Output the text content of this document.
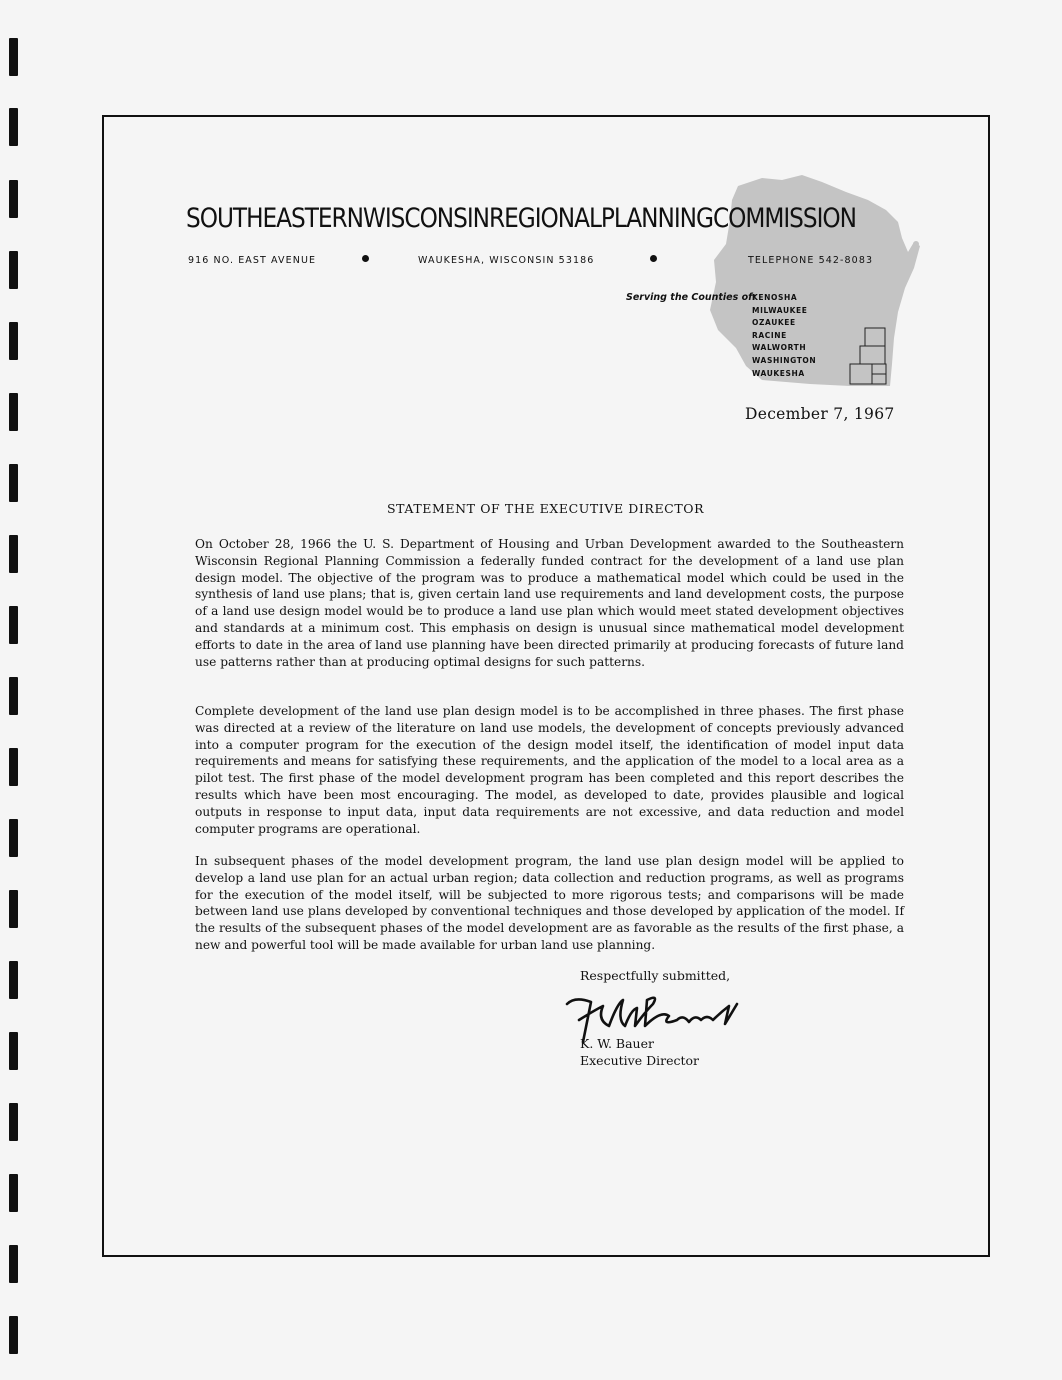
SOUTHEASTERN WISCONSIN REGIONAL PLANNING COMMISSION
916 NO. EAST AVENUE	WAUKESHA, WISCONSIN 53186	TELEPHONE 542-8083
Serving the Counties of:
KENOSHA
MILWAUKEE
OZAUKEE
RACINE
WALWORTH
WASHINGTON
WAUKESHA
December 7, 1967
STATEMENT OF THE EXECUTIVE DIRECTOR

On October 28, 1966 the U. S. Department of Housing and Urban Development awarded to the Southeastern Wisconsin Regional Planning Commission a federally funded contract for the development of a land use plan design model. The objective of the program was to produce a mathematical model which could be used in the synthesis of land use plans; that is, given certain land use requirements and land development costs, the purpose of a land use design model would be to produce a land use plan which would meet stated development objectives and standards at a minimum cost. This emphasis on design is unusual since mathematical model development efforts to date in the area of land use planning have been directed primarily at producing forecasts of future land use patterns rather than at producing optimal designs for such patterns.

Complete development of the land use plan design model is to be accomplished in three phases. The first phase was directed at a review of the literature on land use models, the development of concepts previously advanced into a computer program for the execution of the design model itself, the identification of model input data requirements and means for satisfying these requirements, and the application of the model to a local area as a pilot test. The first phase of the model development program has been completed and this report describes the results which have been most encouraging. The model, as developed to date, provides plausible and logical outputs in response to input data, input data requirements are not excessive, and data reduction and model computer programs are operational.

In subsequent phases of the model development program, the land use plan design model will be applied to develop a land use plan for an actual urban region; data collection and reduction programs, as well as programs for the execution of the model itself, will be subjected to more rigorous tests; and comparisons will be made between land use plans developed by conventional techniques and those developed by application of the model. If the results of the subsequent phases of the model development are as favorable as the results of the first phase, a new and powerful tool will be made available for urban land use planning.

Respectfully submitted,
K. W. Bauer
Executive Director
